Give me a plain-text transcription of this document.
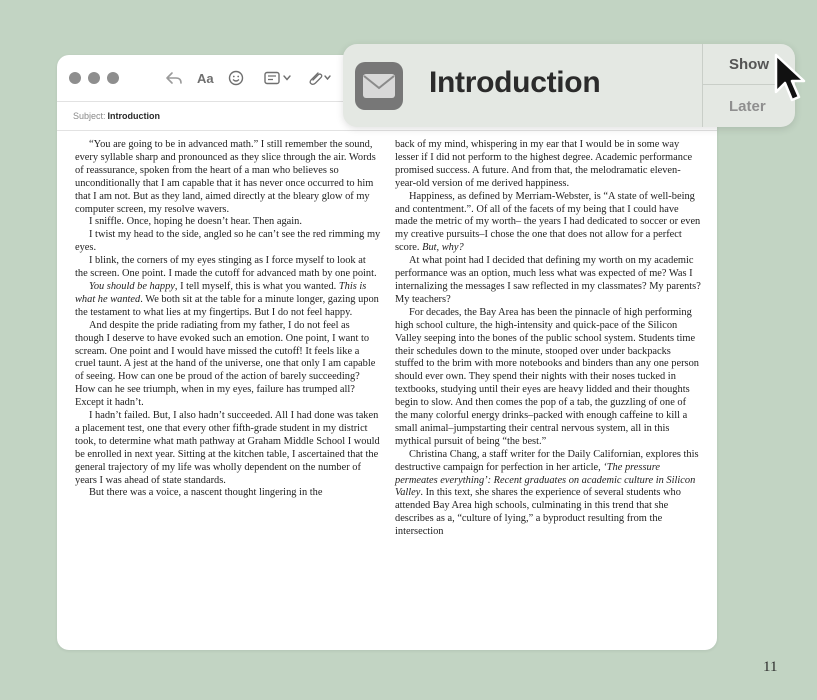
Aa
Subject: Introduction

“You are going to be in advanced math.” I still remember the sound, every syllable sharp and pronounced as they slice through the air. Words of reassurance, spoken from the heart of a man who believes so unconditionally that I am capable that it has never once occurred to him that I am not. But as they land, aimed directly at the bleary glow of my computer screen, my resolve wavers.

I sniffle. Once, hoping he doesn’t hear. Then again.

I twist my head to the side, angled so he can’t see the red rimming my eyes.

I blink, the corners of my eyes stinging as I force myself to look at the screen. One point. I made the cutoff for advanced math by one point.

You should be happy, I tell myself, this is what you wanted. This is what he wanted. We both sit at the table for a minute longer, gazing upon the testament to what lies at my fingertips. But I do not feel happy.

And despite the pride radiating from my father, I do not feel as though I deserve to have evoked such an emotion. One point, I want to scream. One point and I would have missed the cutoff! It feels like a cruel taunt. A jest at the hand of the universe, one that only I am capable of seeing. How can one be proud of the action of barely succeeding? How can he see triumph, when in my eyes, failure has trumped all? Except it hadn’t.

I hadn’t failed. But, I also hadn’t succeeded. All I had done was taken a placement test, one that every other fifth-grade student in my district took, to determine what math pathway at Graham Middle School I would be enrolled in next year. Sitting at the kitchen table, I ascertained that the general trajectory of my life was wholly dependent on the number of years I was ahead of state standards.

But there was a voice, a nascent thought lingering in the

back of my mind, whispering in my ear that I would be in some way lesser if I did not perform to the highest degree. Academic performance promised success. A future. And from that, the melodramatic eleven-year-old version of me derived happiness.

Happiness, as defined by Merriam-Webster, is “A state of well-being and contentment.”. Of all of the facets of my being that I could have made the metric of my worth– the years I had dedicated to soccer or even my creative pursuits–I chose the one that does not allow for a perfect score. But, why?

At what point had I decided that defining my worth on my academic performance was an option, much less what was expected of me? Was I internalizing the messages I saw reflected in my classmates? My parents? My teachers?

For decades, the Bay Area has been the pinnacle of high performing high school culture, the high-intensity and quick-pace of the Silicon Valley seeping into the bones of the public school system. Students time their schedules down to the minute, stooped over under backpacks stuffed to the brim with more notebooks and binders than any one person should ever own. They spend their nights with their noses tucked in textbooks, studying until their eyes are heavy lidded and their thoughts begin to slow. And then comes the pop of a tab, the guzzling of one of the many colorful energy drinks–packed with enough caffeine to kill a small animal–jumpstarting their central nervous system, all in this mythical pursuit of being “the best.”

Christina Chang, a staff writer for the Daily Californian, explores this destructive campaign for perfection in her article, ‘The pressure permeates everything’: Recent graduates on academic culture in Silicon Valley. In this text, she shares the experience of several students who attended Bay Area high schools, culminating in this trend that she describes as a, “culture of lying,” a byproduct resulting from the intersection

Introduction
Show
Later
11
